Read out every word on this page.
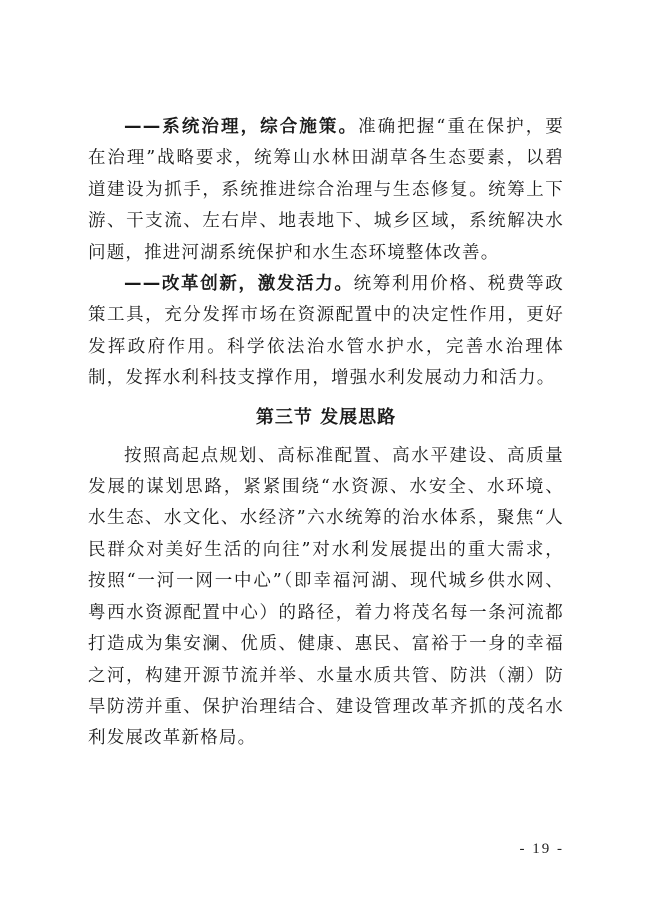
——系统治理，综合施策。准确把握“重在保护，要在治理”战略要求，统筹山水林田湖草各生态要素，以碧道建设为抓手，系统推进综合治理与生态修复。统筹上下游、干支流、左右岸、地表地下、城乡区域，系统解决水问题，推进河湖系统保护和水生态环境整体改善。

——改革创新，激发活力。统筹利用价格、税费等政策工具，充分发挥市场在资源配置中的决定性作用，更好发挥政府作用。科学依法治水管水护水，完善水治理体制，发挥水利科技支撑作用，增强水利发展动力和活力。

第三节 发展思路

按照高起点规划、高标准配置、高水平建设、高质量发展的谋划思路，紧紧围绕“水资源、水安全、水环境、水生态、水文化、水经济”六水统筹的治水体系，聚焦“人民群众对美好生活的向往”对水利发展提出的重大需求，按照“一河一网一中心”（即幸福河湖、现代城乡供水网、粤西水资源配置中心）的路径，着力将茂名每一条河流都打造成为集安澜、优质、健康、惠民、富裕于一身的幸福之河，构建开源节流并举、水量水质共管、防洪（潮）防旱防涝并重、保护治理结合、建设管理改革齐抓的茂名水利发展改革新格局。

- 19 -
